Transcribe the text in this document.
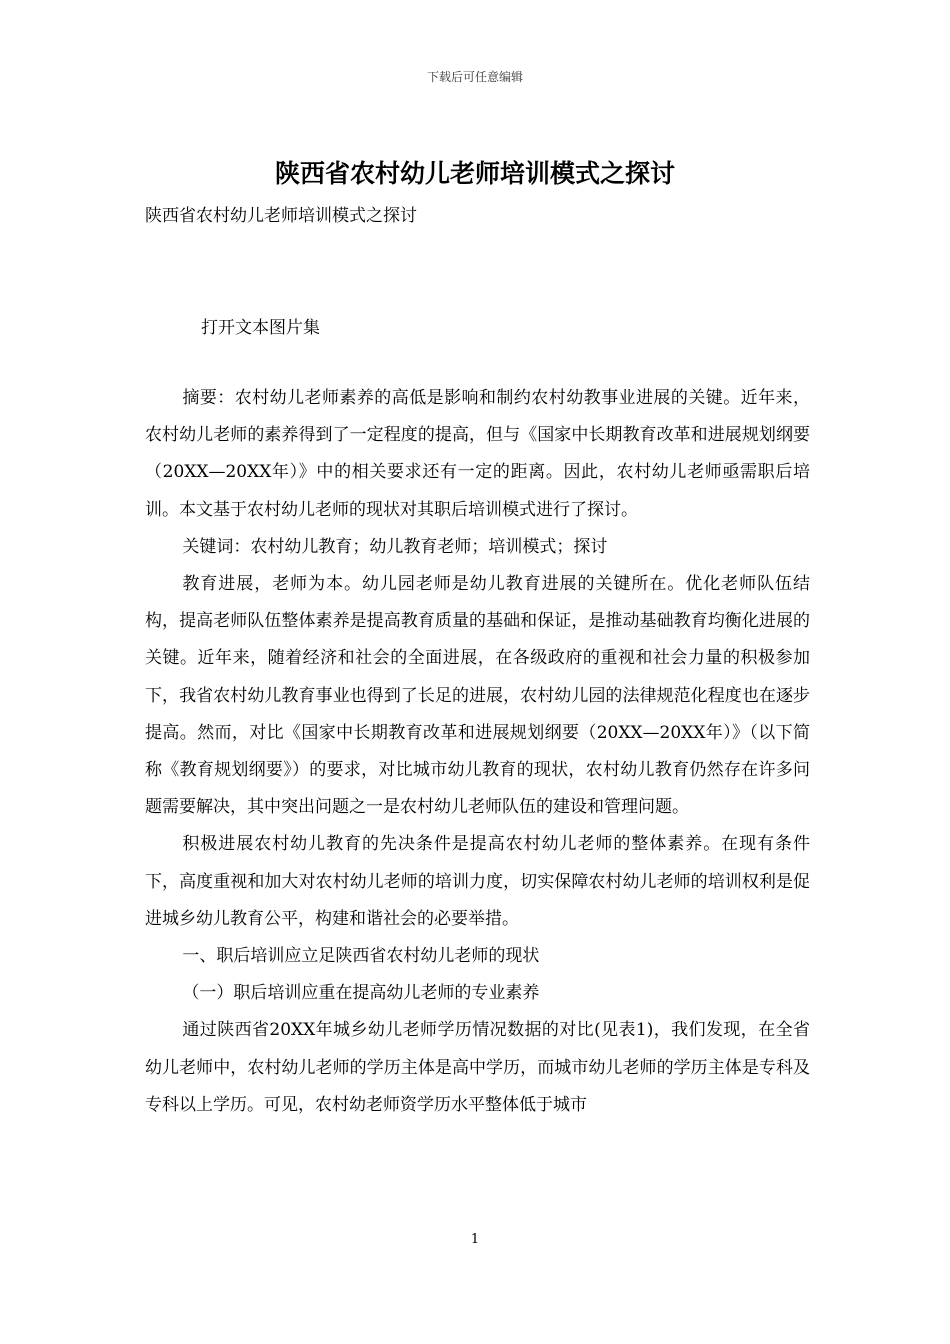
下载后可任意编辑
陕西省农村幼儿老师培训模式之探讨
陕西省农村幼儿老师培训模式之探讨
打开文本图片集

摘要：农村幼儿老师素养的高低是影响和制约农村幼教事业进展的关键。近年来，农村幼儿老师的素养得到了一定程度的提高，但与《国家中长期教育改革和进展规划纲要（20XX—20XX年）》中的相关要求还有一定的距离。因此，农村幼儿老师亟需职后培训。本文基于农村幼儿老师的现状对其职后培训模式进行了探讨。

关键词：农村幼儿教育；幼儿教育老师；培训模式；探讨

教育进展，老师为本。幼儿园老师是幼儿教育进展的关键所在。优化老师队伍结构，提高老师队伍整体素养是提高教育质量的基础和保证，是推动基础教育均衡化进展的关键。近年来，随着经济和社会的全面进展，在各级政府的重视和社会力量的积极参加下，我省农村幼儿教育事业也得到了长足的进展，农村幼儿园的法律规范化程度也在逐步提高。然而，对比《国家中长期教育改革和进展规划纲要（20XX—20XX年）》（以下简称《教育规划纲要》）的要求，对比城市幼儿教育的现状，农村幼儿教育仍然存在许多问题需要解决，其中突出问题之一是农村幼儿老师队伍的建设和管理问题。

积极进展农村幼儿教育的先决条件是提高农村幼儿老师的整体素养。在现有条件下，高度重视和加大对农村幼儿老师的培训力度，切实保障农村幼儿老师的培训权利是促进城乡幼儿教育公平，构建和谐社会的必要举措。

一、职后培训应立足陕西省农村幼儿老师的现状

（一）职后培训应重在提高幼儿老师的专业素养

通过陕西省20XX年城乡幼儿老师学历情况数据的对比(见表1)，我们发现，在全省幼儿老师中，农村幼儿老师的学历主体是高中学历，而城市幼儿老师的学历主体是专科及专科以上学历。可见，农村幼老师资学历水平整体低于城市

1
